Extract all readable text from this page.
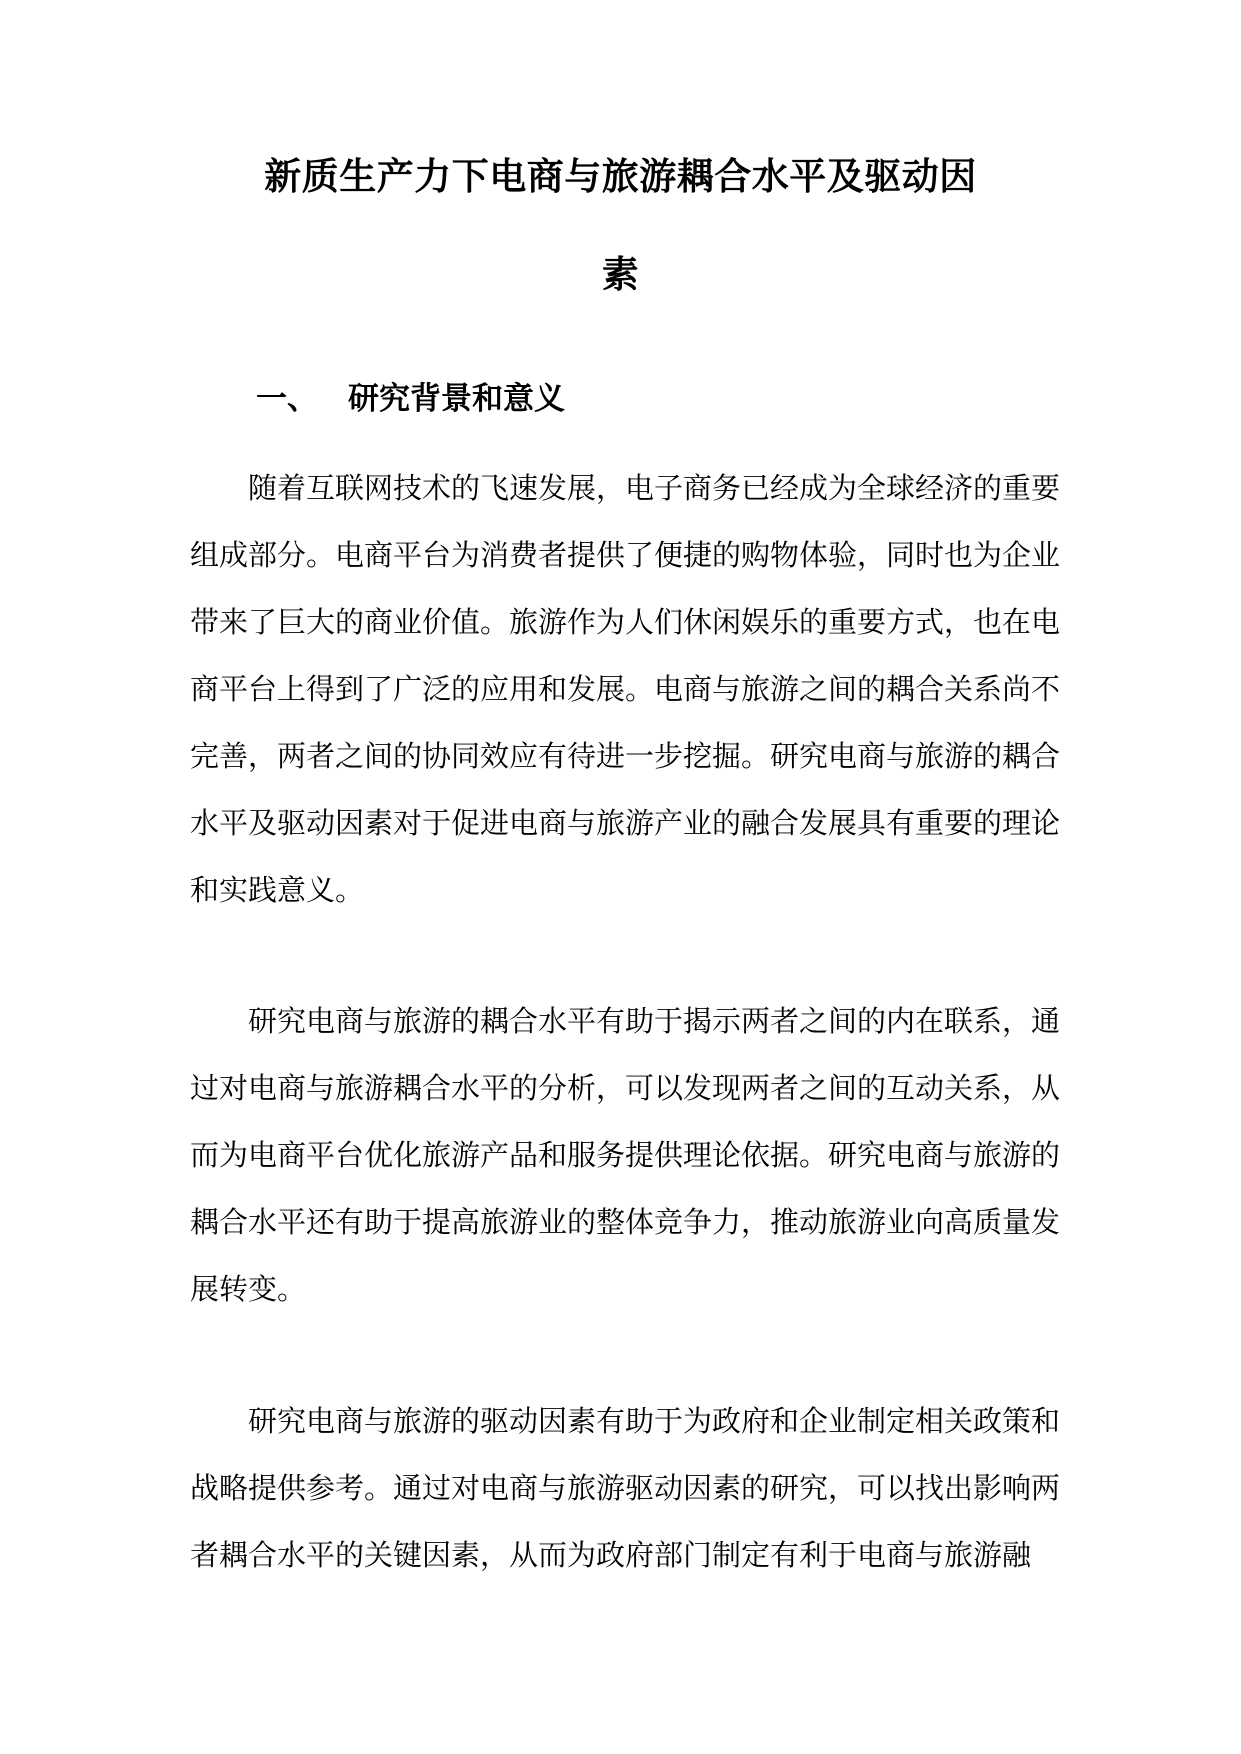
新质生产力下电商与旅游耦合水平及驱动因
素
一、 研究背景和意义

随着互联网技术的飞速发展，电子商务已经成为全球经济的重要组成部分。电商平台为消费者提供了便捷的购物体验，同时也为企业带来了巨大的商业价值。旅游作为人们休闲娱乐的重要方式，也在电商平台上得到了广泛的应用和发展。电商与旅游之间的耦合关系尚不完善，两者之间的协同效应有待进一步挖掘。研究电商与旅游的耦合水平及驱动因素对于促进电商与旅游产业的融合发展具有重要的理论和实践意义。

研究电商与旅游的耦合水平有助于揭示两者之间的内在联系，通过对电商与旅游耦合水平的分析，可以发现两者之间的互动关系，从而为电商平台优化旅游产品和服务提供理论依据。研究电商与旅游的耦合水平还有助于提高旅游业的整体竞争力，推动旅游业向高质量发展转变。

研究电商与旅游的驱动因素有助于为政府和企业制定相关政策和战略提供参考。通过对电商与旅游驱动因素的研究，可以找出影响两者耦合水平的关键因素，从而为政府部门制定有利于电商与旅游融
